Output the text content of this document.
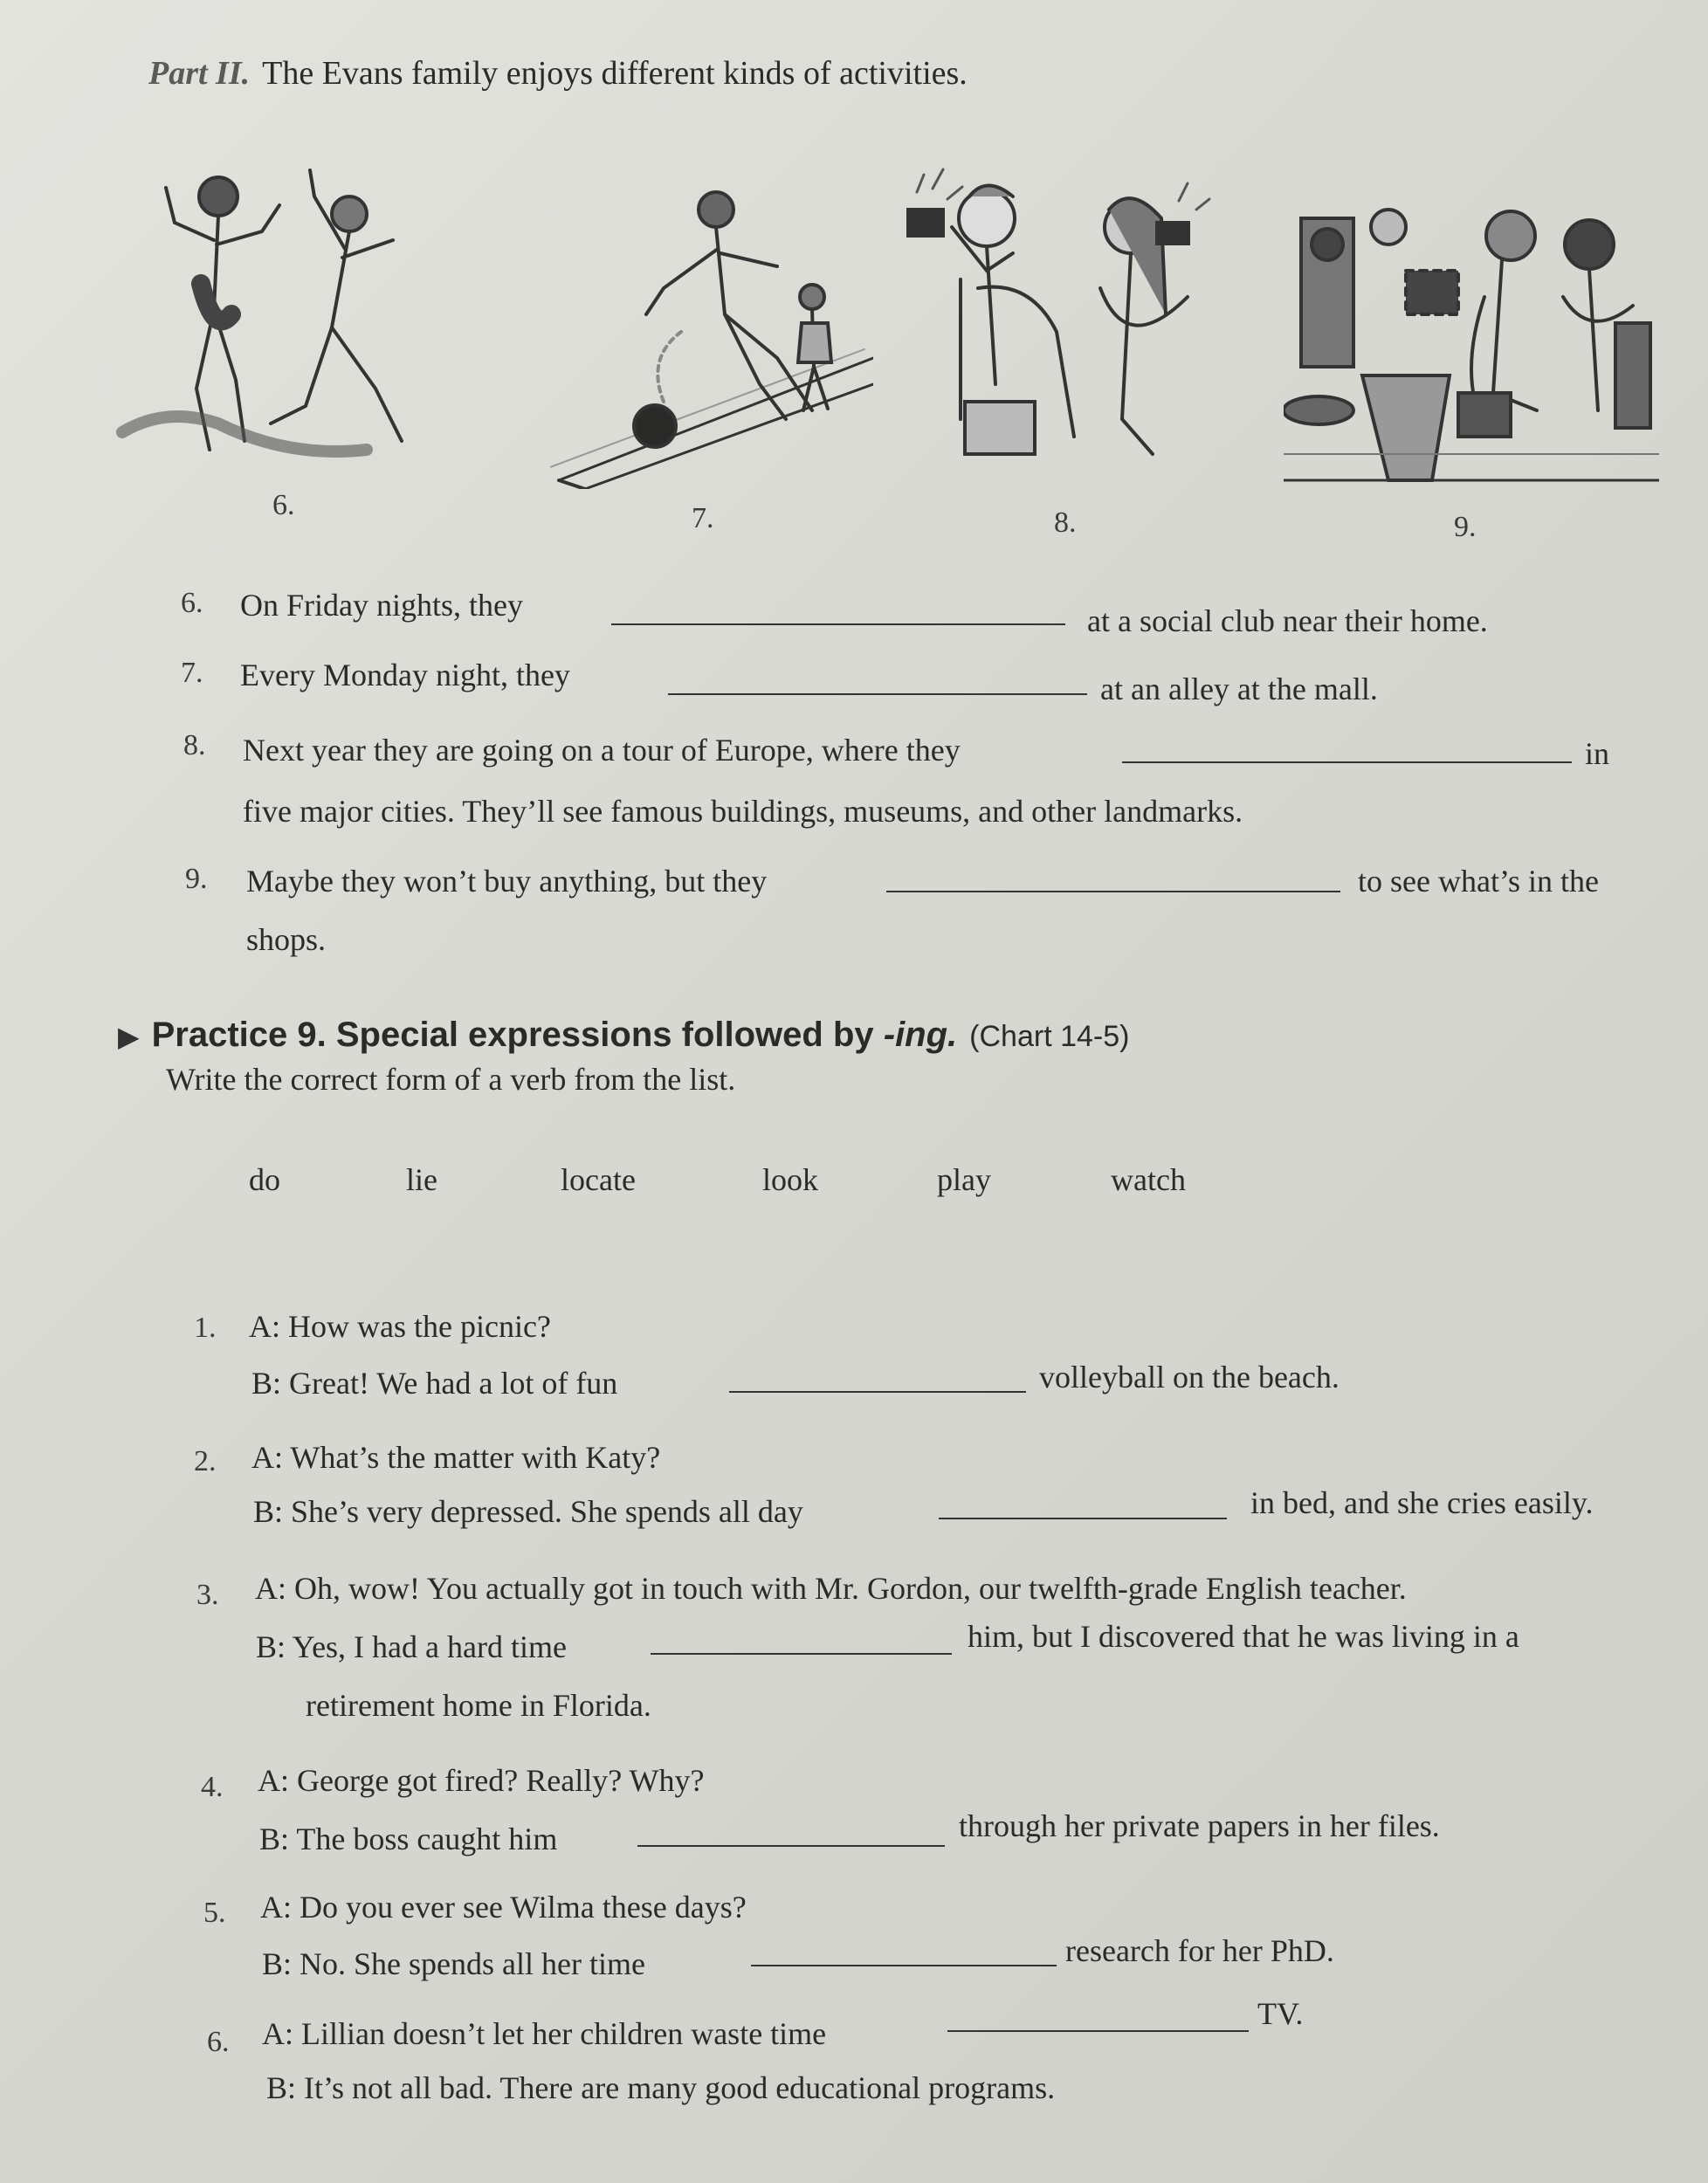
Part II. The Evans family enjoys different kinds of activities.
6.	7.	8.	9.
6. On Friday nights, they	at a social club near their home.
7. Every Monday night, they	at an alley at the mall.
8. Next year they are going on a tour of Europe, where they	in
five major cities. They’ll see famous buildings, museums, and other landmarks.
9. Maybe they won’t buy anything, but they	to see what’s in the
shops.
▶ Practice 9. Special expressions followed by -ing. (Chart 14-5)
Write the correct form of a verb from the list.
do	lie	locate	look	play	watch
1. A: How was the picnic?
B: Great! We had a lot of fun	volleyball on the beach.
2. A: What’s the matter with Katy?
B: She’s very depressed. She spends all day	in bed, and she cries easily.
3. A: Oh, wow! You actually got in touch with Mr. Gordon, our twelfth-grade English teacher.
B: Yes, I had a hard time	him, but I discovered that he was living in a
retirement home in Florida.
4. A: George got fired? Really? Why?
B: The boss caught him	through her private papers in her files.
5. A: Do you ever see Wilma these days?
B: No. She spends all her time	research for her PhD.
6. A: Lillian doesn’t let her children waste time
TV.
B: It’s not all bad. There are many good educational programs.
